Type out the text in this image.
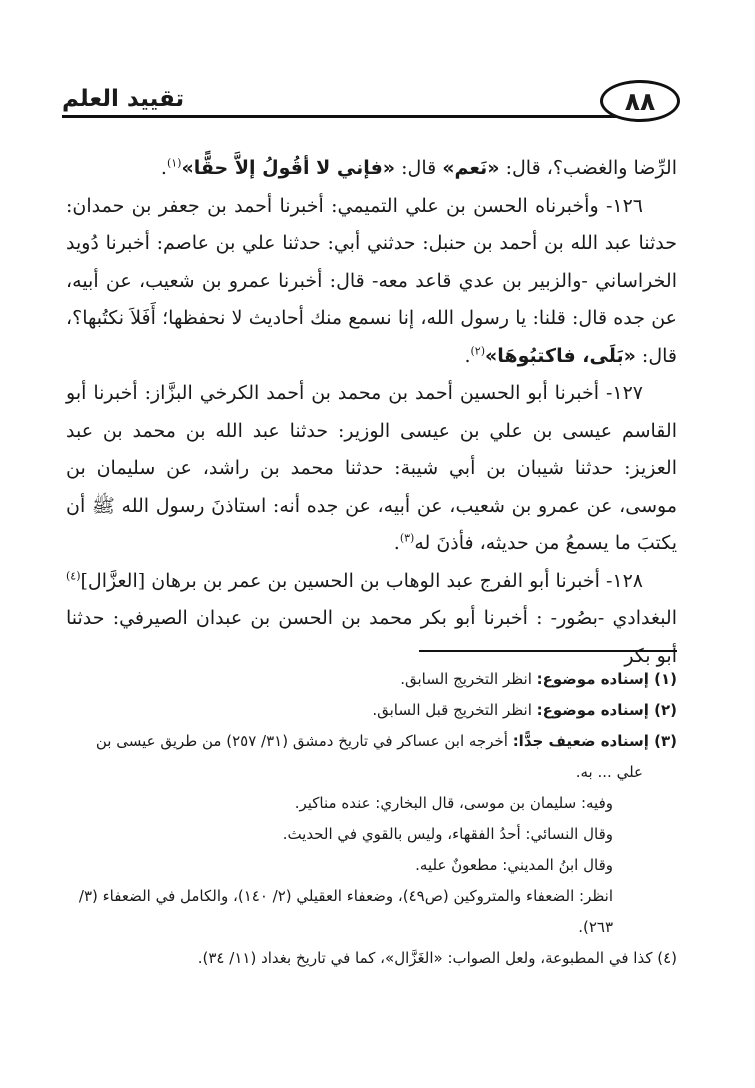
٨٨
تقييد العلم

الرِّضا والغضب؟، قال: «نَعم» قال: «فإني لا أقُولُ إلاَّ حقًّا»$^{(١)}$.

١٢٦- وأخبرناه الحسن بن علي التميمي: أخبرنا أحمد بن جعفر بن حمدان: حدثنا عبد الله بن أحمد بن حنبل: حدثني أبي: حدثنا علي بن عاصم: أخبرنا دُويد الخراساني -والزبير بن عدي قاعد معه- قال: أخبرنا عمرو بن شعيب، عن أبيه، عن جده قال: قلنا: يا رسول الله، إنا نسمع منك أحاديث لا نحفظها؛ أَفَلاَ نكتُبها؟، قال: «بَلَى، فاكتبُوهَا»$^{(٢)}$.

١٢٧- أخبرنا أبو الحسين أحمد بن محمد بن أحمد الكرخي البزَّاز: أخبرنا أبو القاسم عيسى بن علي بن عيسى الوزير: حدثنا عبد الله بن محمد بن عبد العزيز: حدثنا شيبان بن أبي شيبة: حدثنا محمد بن راشد، عن سليمان بن موسى، عن عمرو بن شعيب، عن أبيه، عن جده أنه: استاذنَ رسول الله ﷺ أن يكتبَ ما يسمعُ من حديثه، فأذنَ له$^{(٣)}$.

١٢٨- أخبرنا أبو الفرج عبد الوهاب بن الحسين بن عمر بن برهان [العزَّال]$^{(٤)}$ البغدادي -بصُور- : أخبرنا أبو بكر محمد بن الحسن بن عبدان الصيرفي: حدثنا أبو بكر

(١) إسناده موضوع: انظر التخريج السابق.

(٢) إسناده موضوع: انظر التخريج قبل السابق.

(٣) إسناده ضعيف جدًّا: أخرجه ابن عساكر في تاريخ دمشق (٣١/ ٢٥٧) من طريق عيسى بن

علي ... به.

وفيه: سليمان بن موسى، قال البخاري: عنده مناكير.

وقال النسائي: أحدُ الفقهاء، وليس بالقوي في الحديث.

وقال ابنُ المديني: مطعونٌ عليه.

انظر: الضعفاء والمتروكين (ص٤٩)، وضعفاء العقيلي (٢/ ١٤٠)، والكامل في الضعفاء (٣/

٢٦٣).

(٤) كذا في المطبوعة، ولعل الصواب: «الغَزَّال»، كما في تاريخ بغداد (١١/ ٣٤).
